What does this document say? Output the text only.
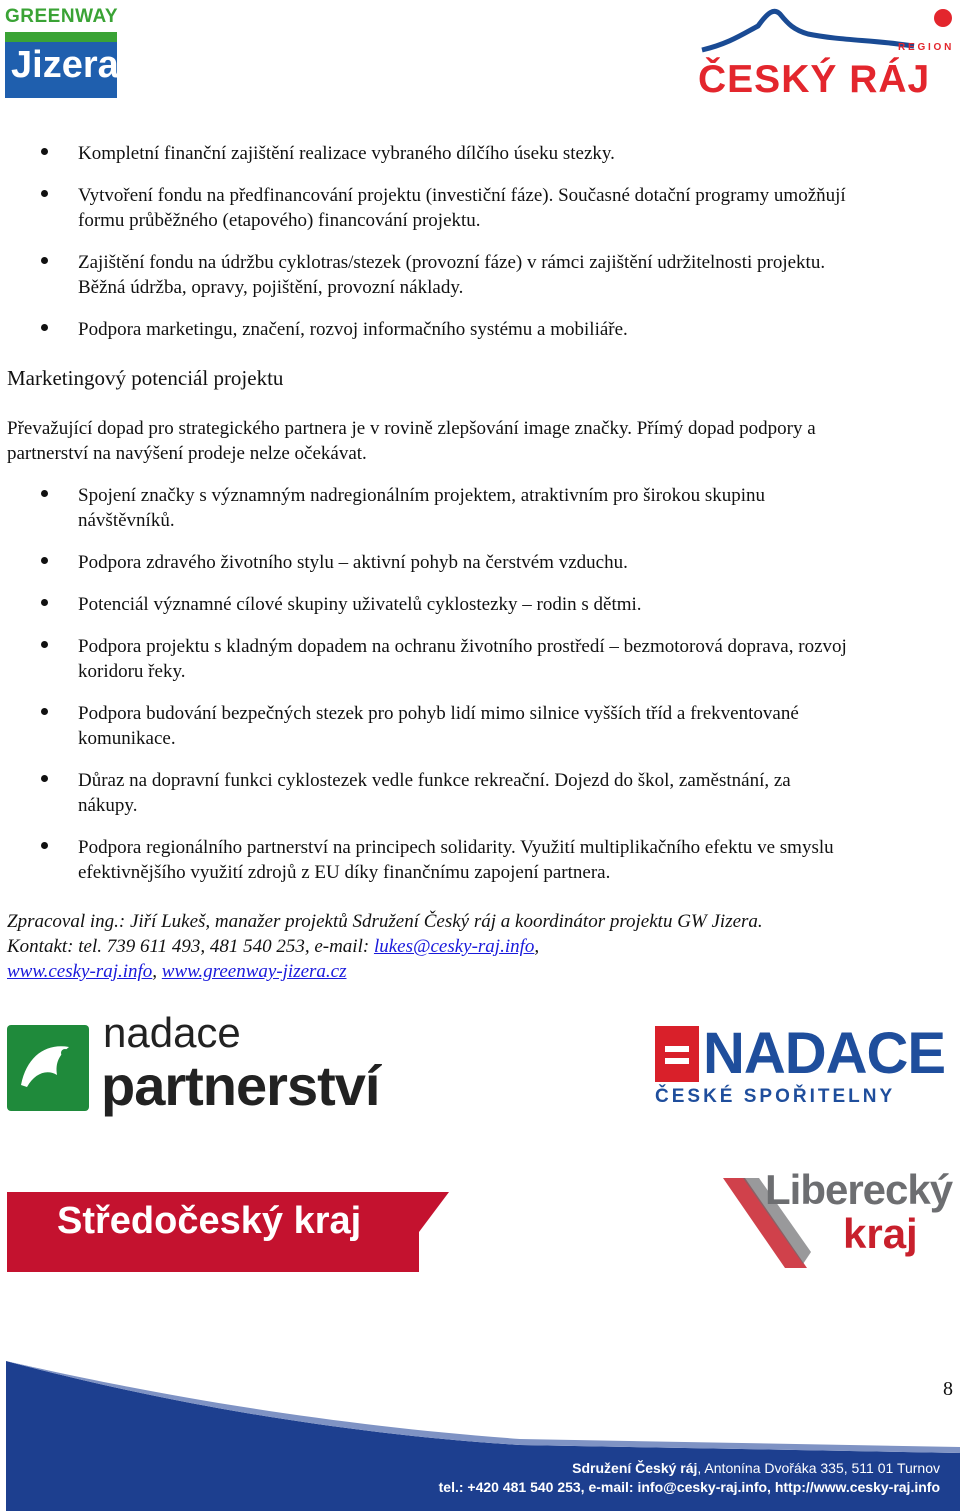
GREENWAY
Jizera	R E G I O N
ČESKÝ RÁJ
Kompletní finanční zajištění realizace vybraného dílčího úseku stezky.
Vytvoření fondu na předfinancování projektu (investiční fáze). Současné dotační programy umožňují
formu průběžného (etapového) financování projektu.
Zajištění fondu na údržbu cyklotras/stezek (provozní fáze) v rámci zajištění udržitelnosti projektu.
Běžná údržba, opravy, pojištění, provozní náklady.
Podpora marketingu, značení, rozvoj informačního systému a mobiliáře.
Marketingový potenciál projektu
Převažující dopad pro strategického partnera je v rovině zlepšování image značky. Přímý dopad podpory a
partnerství na navýšení prodeje nelze očekávat.
Spojení značky s významným nadregionálním projektem, atraktivním pro širokou skupinu
návštěvníků.
Podpora zdravého životního stylu – aktivní pohyb na čerstvém vzduchu.
Potenciál významné cílové skupiny uživatelů cyklostezky – rodin s dětmi.
Podpora projektu s kladným dopadem na ochranu životního prostředí – bezmotorová doprava, rozvoj
koridoru řeky.
Podpora budování bezpečných stezek pro pohyb lidí mimo silnice vyšších tříd a frekventované
komunikace.
Důraz na dopravní funkci cyklostezek vedle funkce rekreační. Dojezd do škol, zaměstnání, za
nákupy.
Podpora regionálního partnerství na principech solidarity. Využití multiplikačního efektu ve smyslu
efektivnějšího využití zdrojů z EU díky finančnímu zapojení partnera.
Zpracoval ing.: Jiří Lukeš, manažer projektů Sdružení Český ráj a koordinátor projektu GW Jizera.
Kontakt: tel. 739 611 493, 481 540 253, e-mail: lukes@cesky-raj.info,
www.cesky-raj.info, www.greenway-jizera.cz
nadace
partnerství	NADACE
ČESKÉ SPOŘITELNY
Středočeský kraj
Liberecký
kraj
8
Sdružení Český ráj, Antonína Dvořáka 335, 511 01 Turnov
tel.: +420 481 540 253, e-mail: info@cesky-raj.info, http://www.cesky-raj.info
